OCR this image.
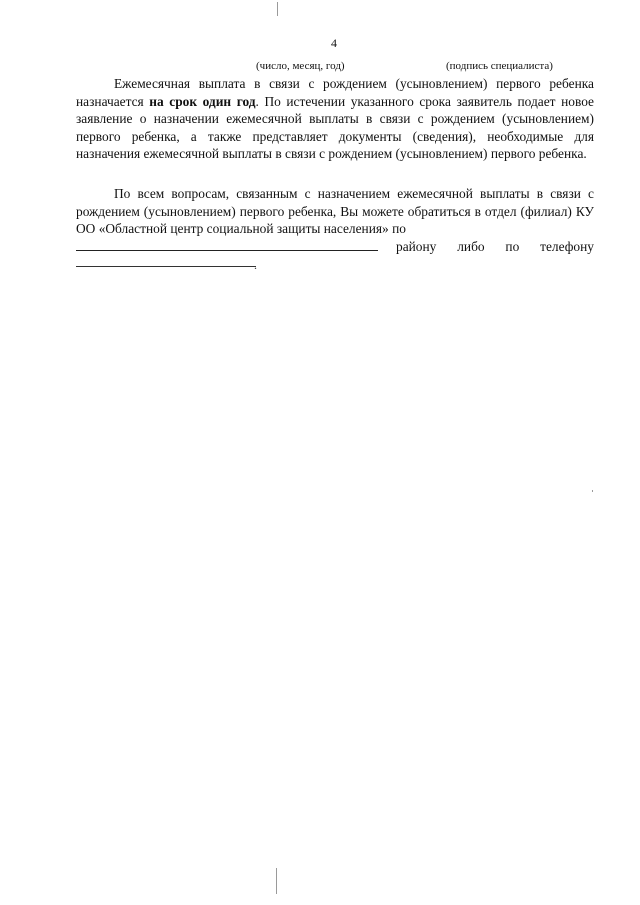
4
(число, месяц, год)	(подпись специалиста)

Ежемесячная выплата в связи с рождением (усыновлением) первого ребенка назначается на срок один год. По истечении указанного срока заявитель подает новое заявление о назначении ежемесячной выплаты в связи с рождением (усыновлением) первого ребенка, а также представляет документы (сведения), необходимые для назначения ежемесячной выплаты в связи с рождением (усыновлением) первого ребенка.

По всем вопросам, связанным с назначением ежемесячной выплаты в связи с рождением (усыновлением) первого ребенка, Вы можете обратиться в отдел (филиал) КУ ОО «Областной центр социальной защиты населения» по

району либо по телефону
.
